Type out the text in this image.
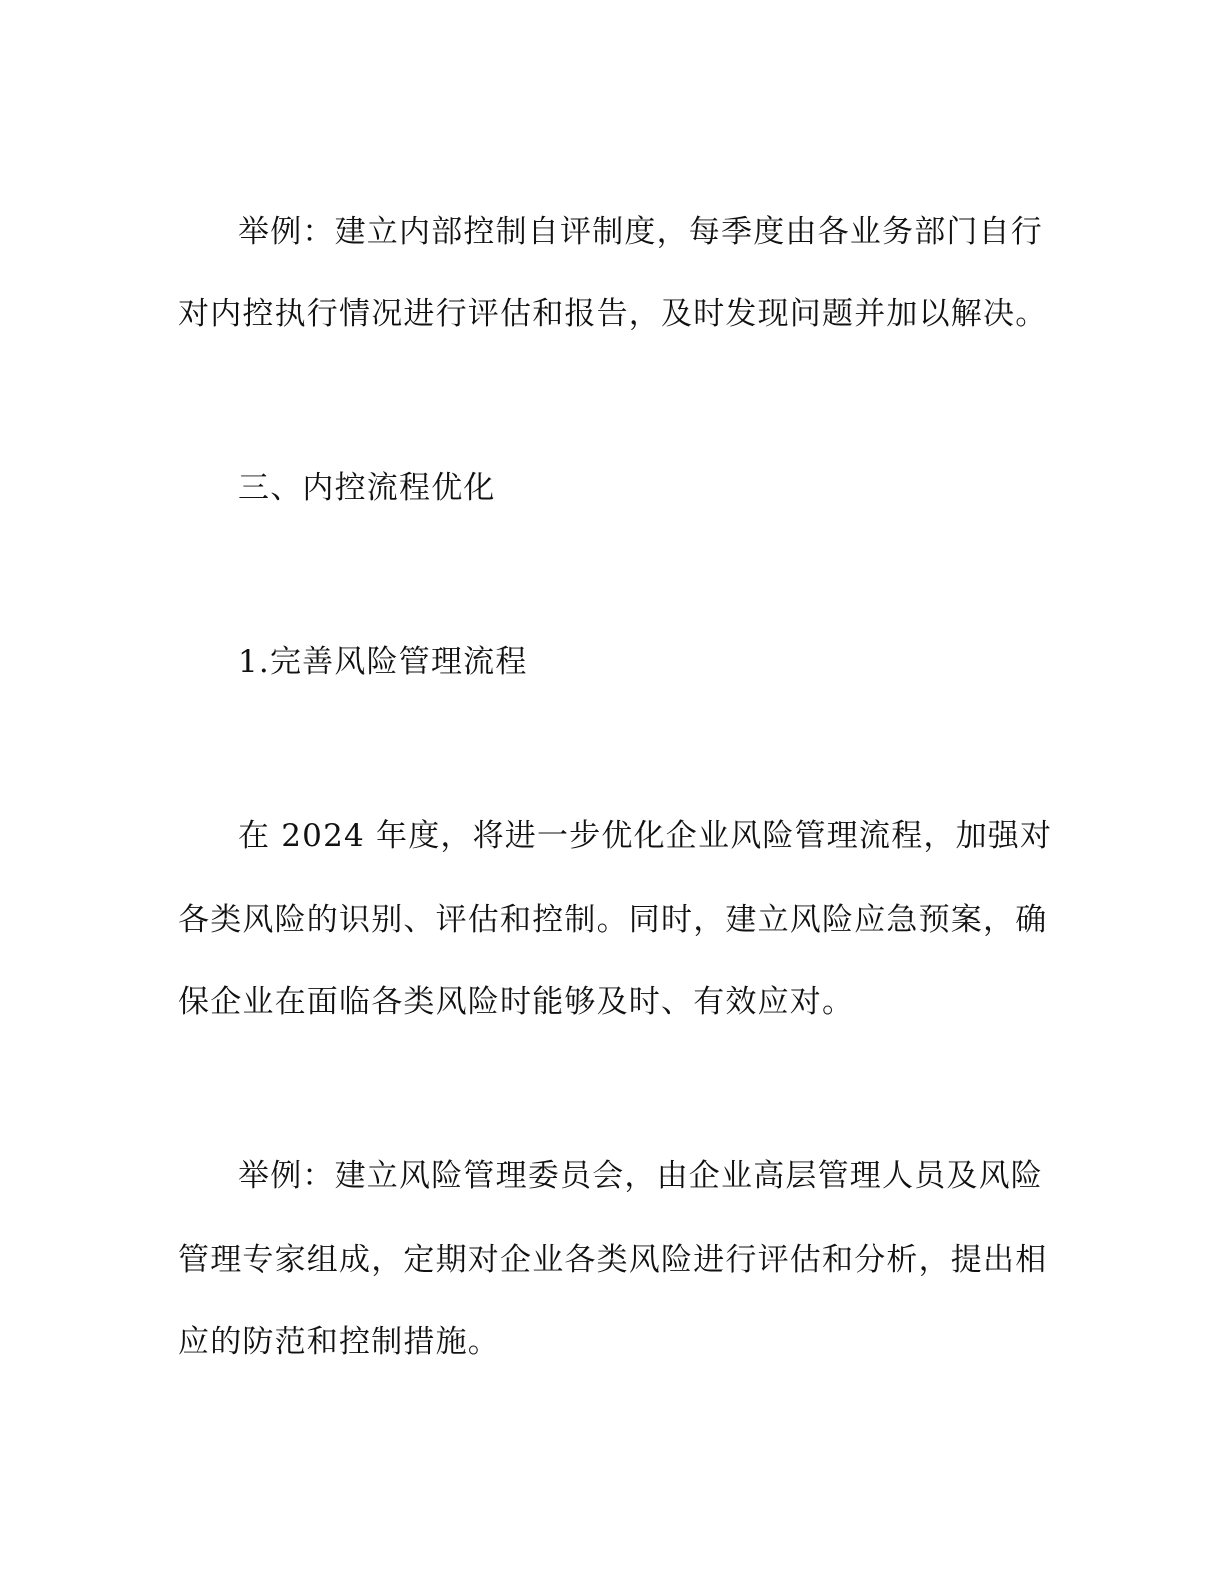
举例：建立内部控制自评制度，每季度由各业务部门自行
对内控执行情况进行评估和报告，及时发现问题并加以解决。
三、内控流程优化
1.完善风险管理流程
在 2024 年度，将进一步优化企业风险管理流程，加强对
各类风险的识别、评估和控制。同时，建立风险应急预案，确
保企业在面临各类风险时能够及时、有效应对。
举例：建立风险管理委员会，由企业高层管理人员及风险
管理专家组成，定期对企业各类风险进行评估和分析，提出相
应的防范和控制措施。
